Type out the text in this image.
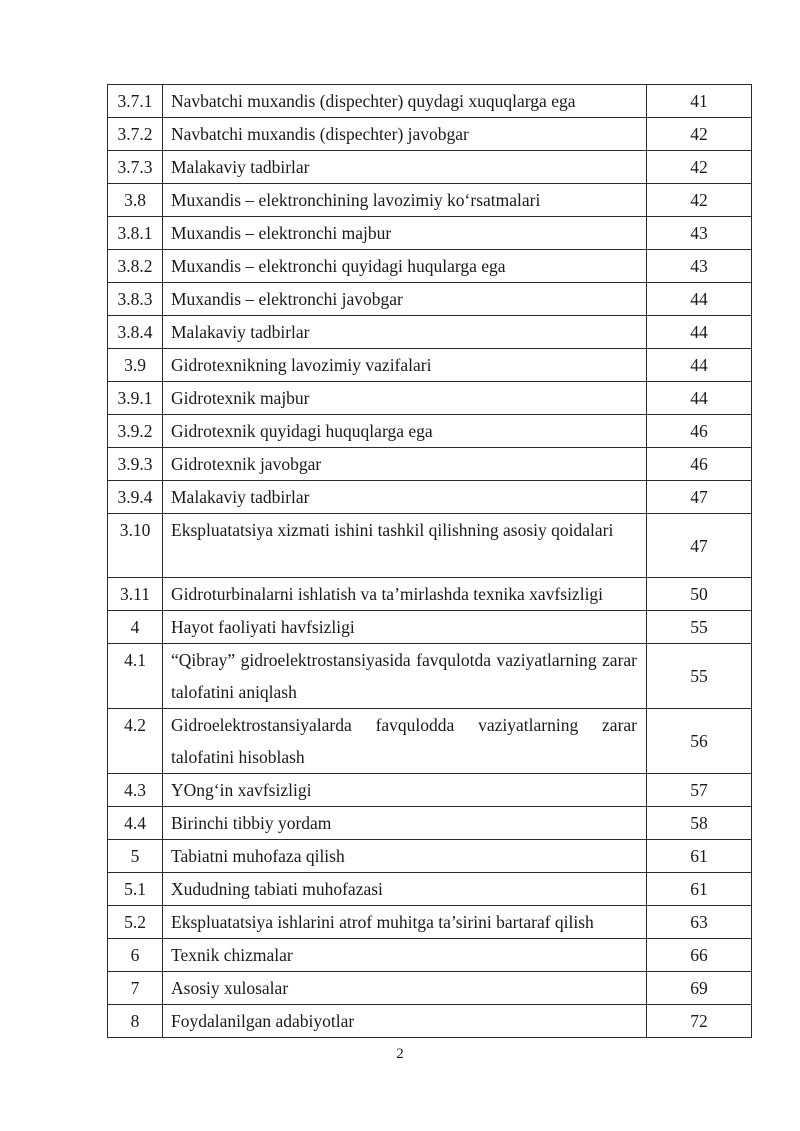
3.7.1	Navbatchi muxandis (dispechter) quydagi xuquqlarga ega	41
3.7.2	Navbatchi muxandis (dispechter) javobgar	42
3.7.3	Malakaviy tadbirlar	42
3.8	Muxandis – elektronchining lavozimiy ko‘rsatmalari	42
3.8.1	Muxandis – elektronchi majbur	43
3.8.2	Muxandis – elektronchi quyidagi huqularga ega	43
3.8.3	Muxandis – elektronchi javobgar	44
3.8.4	Malakaviy tadbirlar	44
3.9	Gidrotexnikning lavozimiy vazifalari	44
3.9.1	Gidrotexnik majbur	44
3.9.2	Gidrotexnik quyidagi huquqlarga ega	46
3.9.3	Gidrotexnik javobgar	46
3.9.4	Malakaviy tadbirlar	47
3.10	Ekspluatatsiya xizmati ishini tashkil qilishning asosiy qoidalari	47
3.11	Gidroturbinalarni ishlatish va ta’mirlashda texnika xavfsizligi	50
4	Hayot faoliyati havfsizligi	55
4.1	“Qibray” gidroelektrostansiyasida favqulotda vaziyatlarning zarar talofatini aniqlash	55
4.2	Gidroelektrostansiyalarda favqulodda vaziyatlarning zarar talofatini hisoblash	56
4.3	YOng‘in xavfsizligi	57
4.4	Birinchi tibbiy yordam	58
5	Tabiatni muhofaza qilish	61
5.1	Xududning tabiati muhofazasi	61
5.2	Ekspluatatsiya ishlarini atrof muhitga ta’sirini bartaraf qilish	63
6	Texnik chizmalar	66
7	Asosiy xulosalar	69
8	Foydalanilgan adabiyotlar	72
2
